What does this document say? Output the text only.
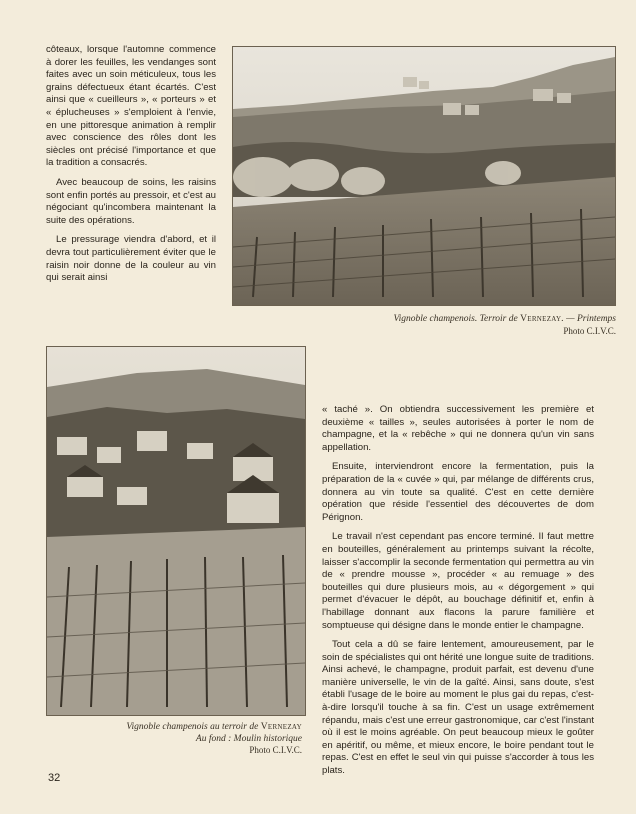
côteaux, lorsque l'automne commence à dorer les feuilles, les vendanges sont faites avec un soin méticuleux, tous les grains défectueux étant écartés. C'est ainsi que « cueilleurs », « porteurs » et « éplucheuses » s'emploient à l'envie, en une pittoresque animation à remplir avec conscience des rôles dont les siècles ont précisé l'importance et que la tradition a consacrés.

Avec beaucoup de soins, les raisins sont enfin portés au pressoir, et c'est au négociant qu'incombera maintenant la suite des opérations.

Le pressurage viendra d'abord, et il devra tout particulièrement éviter que le raisin noir donne de la couleur au vin qui serait ainsi

Vignoble champenois. Terroir de Vernezay. — Printemps
Photo C.I.V.C.
Vignoble champenois au terroir de Vernezay
Au fond : Moulin historique
Photo C.I.V.C.

« taché ». On obtiendra successivement les première et deuxième « tailles », seules autorisées à porter le nom de champagne, et la « rebêche » qui ne donnera qu'un vin sans appellation.

Ensuite, interviendront encore la fermentation, puis la préparation de la « cuvée » qui, par mélange de différents crus, donnera au vin toute sa qualité. C'est en cette dernière opération que réside l'essentiel des découvertes de dom Pérignon.

Le travail n'est cependant pas encore terminé. Il faut mettre en bouteilles, généralement au printemps suivant la récolte, laisser s'accomplir la seconde fermentation qui permettra au vin de « prendre mousse », procéder « au remuage » des bouteilles qui dure plusieurs mois, au « dégorgement » qui permet d'évacuer le dépôt, au bouchage définitif et, enfin à l'habillage donnant aux flacons la parure familière et somptueuse qui désigne dans le monde entier le champagne.

Tout cela a dû se faire lentement, amoureusement, par le soin de spécialistes qui ont hérité une longue suite de traditions. Ainsi achevé, le champagne, produit parfait, est devenu d'une manière universelle, le vin de la gaîté. Ainsi, sans doute, s'est établi l'usage de le boire au moment le plus gai du repas, c'est-à-dire lorsqu'il touche à sa fin. C'est un usage extrêmement répandu, mais c'est une erreur gastronomique, car c'est l'instant où il est le moins agréable. On peut beaucoup mieux le goûter en apéritif, ou même, et mieux encore, le boire pendant tout le repas. C'est en effet le seul vin qui puisse s'accorder à tous les plats.

32
